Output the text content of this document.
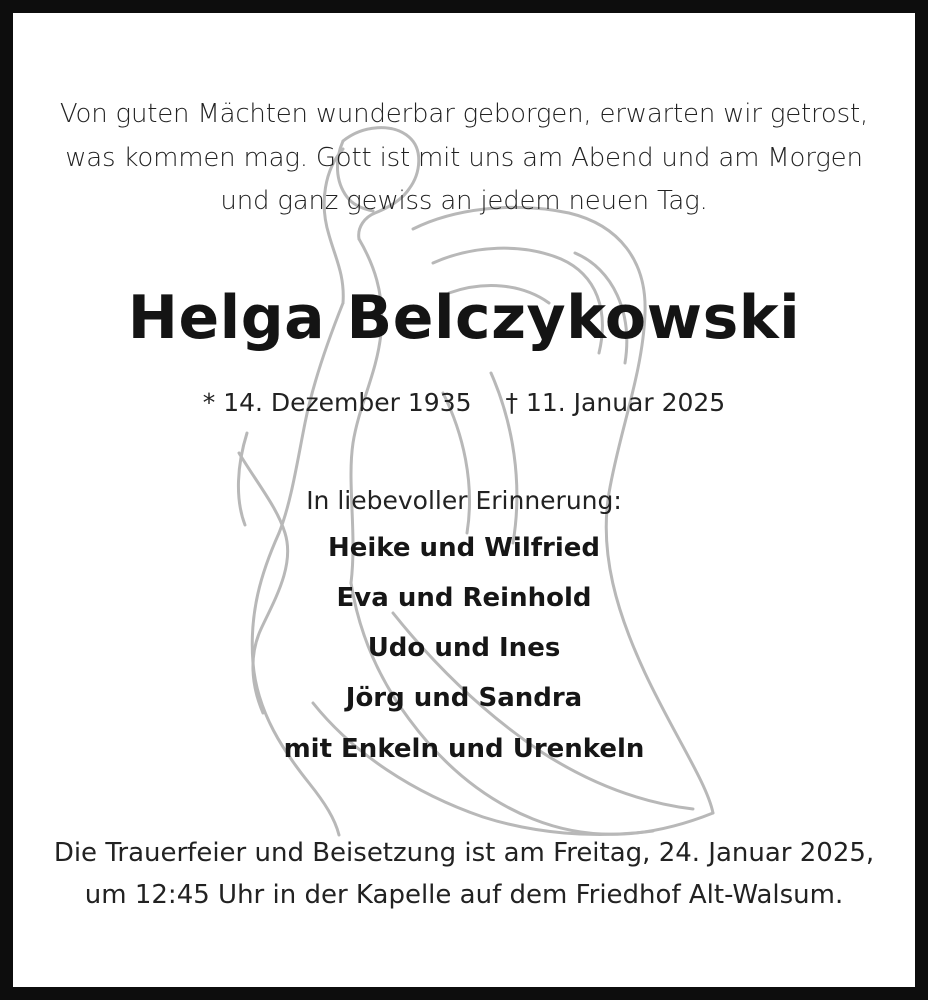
Von guten Mächten wunderbar geborgen, erwarten wir getrost,
was kommen mag. Gott ist mit uns am Abend und am Morgen
und ganz gewiss an jedem neuen Tag.
Helga Belczykowski
* 14. Dezember 1935 † 11. Januar 2025
In liebevoller Erinnerung:
Heike und Wilfried
Eva und Reinhold
Udo und Ines
Jörg und Sandra
mit Enkeln und Urenkeln
Die Trauerfeier und Beisetzung ist am Freitag, 24. Januar 2025,
um 12:45 Uhr in der Kapelle auf dem Friedhof Alt-Walsum.
